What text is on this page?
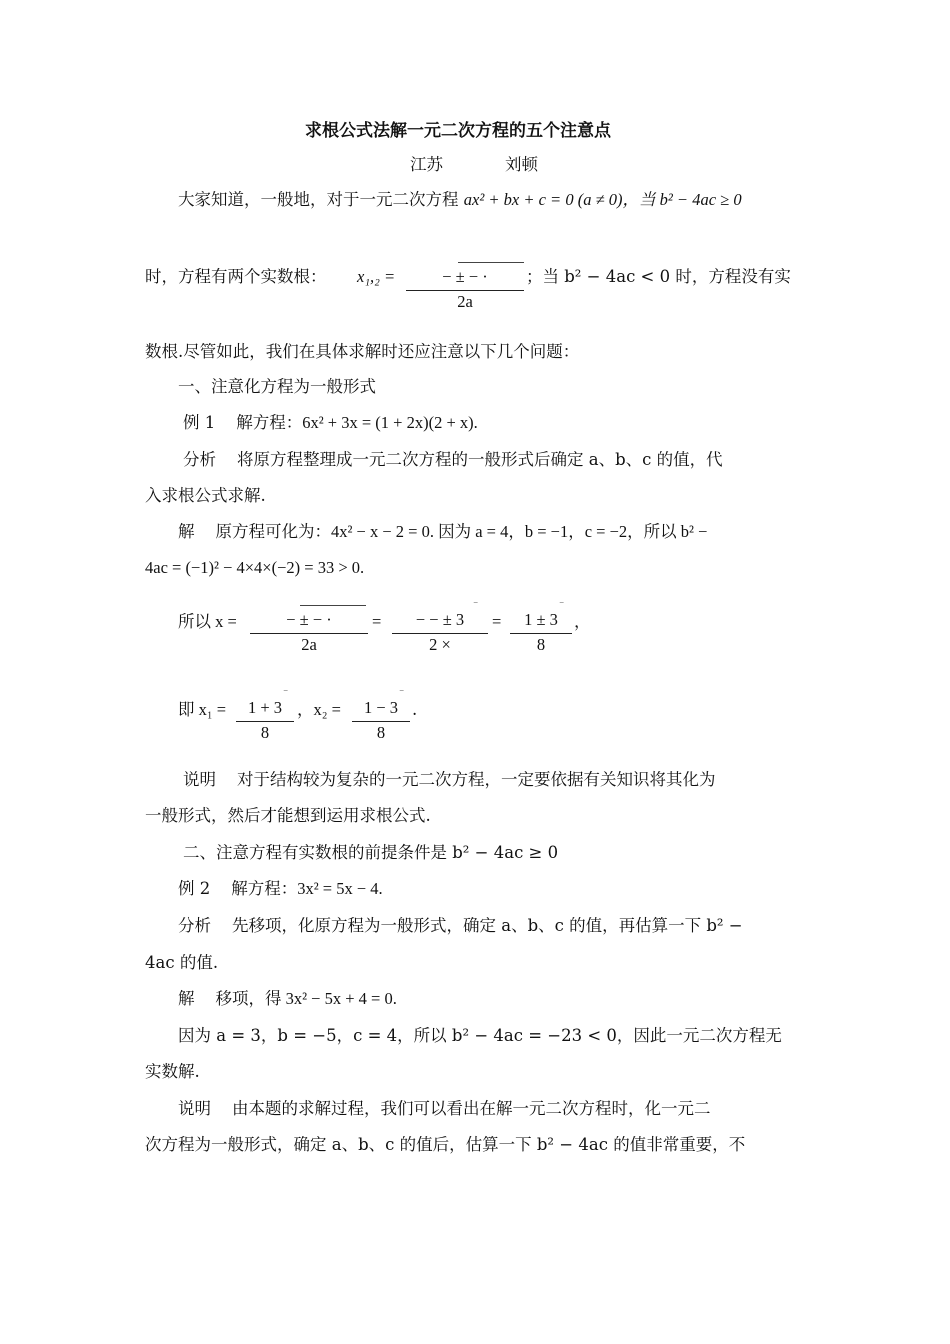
求根公式法解一元二次方程的五个注意点
江苏	刘顿
大家知道，一般地，对于一元二次方程 ax² + bx + c = 0 (a ≠ 0)，当 b² − 4ac ≥ 0
时，方程有两个实数根： x₁,₂ =	− ± − ·
2a
；当 b² − 4ac < 0 时，方程没有实
数根.尽管如此，我们在具体求解时还应注意以下几个问题：
一、注意化方程为一般形式
例 1 解方程：6x² + 3x = (1 + 2x)(2 + x).
分析 将原方程整理成一元二次方程的一般形式后确定 a、b、c 的值，代
入求根公式求解.
解 原方程可化为：4x² − x − 2 = 0. 因为 a = 4，b = −1，c = −2，所以 b² −
4ac = (−1)² − 4×4×(−2) = 33 > 0.
所以 x =	− ± − ·
2a
=
‾
− − ± 3
2 ×
=
‾
1 ± 3
8
，
即 x₁ =
‾
1 + 3
8
，x₂ =
‾
1 − 3
8
.
说明 对于结构较为复杂的一元二次方程，一定要依据有关知识将其化为
一般形式，然后才能想到运用求根公式.
二、注意方程有实数根的前提条件是 b² − 4ac ≥ 0
例 2 解方程：3x² = 5x − 4.
分析 先移项，化原方程为一般形式，确定 a、b、c 的值，再估算一下 b² −
4ac 的值.
解 移项，得 3x² − 5x + 4 = 0.
因为 a = 3，b = −5，c = 4，所以 b² − 4ac = −23 < 0，因此一元二次方程无
实数解.
说明 由本题的求解过程，我们可以看出在解一元二次方程时，化一元二
次方程为一般形式，确定 a、b、c 的值后，估算一下 b² − 4ac 的值非常重要，不
